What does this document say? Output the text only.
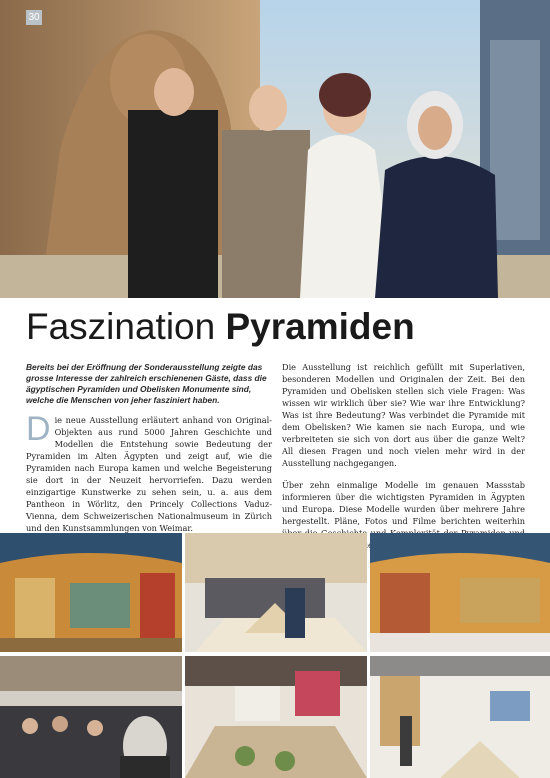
30
Faszination Pyramiden
Bereits bei der Eröffnung der Sonderausstellung zeigte das grosse Interesse der zahlreich erschienenen Gäste, dass die ägyptischen Pyramiden und Obelisken Monumente sind, welche die Menschen von jeher fasziniert haben.
Die neue Ausstellung erläutert anhand von Original-Objekten aus rund 5000 Jahren Geschichte und Modellen die Entstehung sowie Bedeutung der Pyramiden im Alten Ägypten und zeigt auf, wie die Pyramiden nach Europa kamen und welche Begeisterung sie dort in der Neuzeit hervorriefen. Dazu werden einzigartige Kunstwerke zu sehen sein, u. a. aus dem Pantheon in Wörlitz, den Princely Collections Vaduz-Vienna, dem Schweizerischen Nationalmuseum in Zürich und den Kunstsammlungen von Weimar.

Die Ausstellung ist reichlich gefüllt mit Superlativen, besonderen Modellen und Originalen der Zeit. Bei den Pyramiden und Obelisken stellen sich viele Fragen: Was wissen wir wirklich über sie? Wie war ihre Entwicklung? Was ist ihre Bedeutung? Was verbindet die Pyramide mit dem Obelisken? Wie kamen sie nach Europa, und wie verbreiteten sie sich von dort aus über die ganze Welt? All diesen Fragen und noch vielen mehr wird in der Ausstellung nachgegangen.

Über zehn einmalige Modelle im genauen Massstab informieren über die wichtigsten Pyramiden in Ägypten und Europa. Diese Modelle wurden über mehrere Jahre hergestellt. Pläne, Fotos und Filme berichten weiterhin
